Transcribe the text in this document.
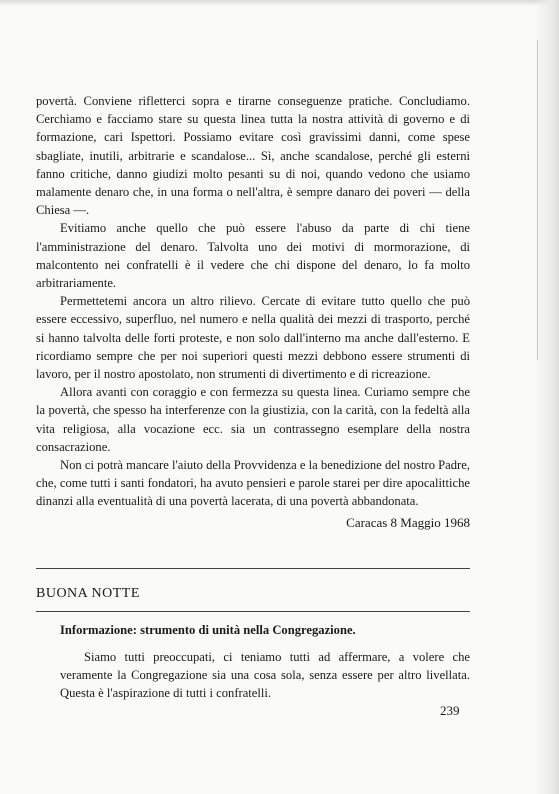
povertà. Conviene rifletterci sopra e tirarne conseguenze pratiche. Concludiamo. Cerchiamo e facciamo stare su questa linea tutta la nostra attività di governo e di formazione, cari Ispettori. Possiamo evitare così gravissimi danni, come spese sbagliate, inutili, arbitrarie e scandalose... Sì, anche scandalose, perché gli esterni fanno critiche, danno giudizi molto pesanti su di noi, quando vedono che usiamo malamente denaro che, in una forma o nell'altra, è sempre danaro dei poveri — della Chiesa —.

Evitiamo anche quello che può essere l'abuso da parte di chi tiene l'amministrazione del denaro. Talvolta uno dei motivi di mormorazione, di malcontento nei confratelli è il vedere che chi dispone del denaro, lo fa molto arbitrariamente.

Permettetemi ancora un altro rilievo. Cercate di evitare tutto quello che può essere eccessivo, superfluo, nel numero e nella qualità dei mezzi di trasporto, perché si hanno talvolta delle forti proteste, e non solo dall'interno ma anche dall'esterno. E ricordiamo sempre che per noi superiori questi mezzi debbono essere strumenti di lavoro, per il nostro apostolato, non strumenti di divertimento e di ricreazione.

Allora avanti con coraggio e con fermezza su questa linea. Curiamo sempre che la povertà, che spesso ha interferenze con la giustizia, con la carità, con la fedeltà alla vita religiosa, alla vocazione ecc. sia un contrassegno esemplare della nostra consacrazione.

Non ci potrà mancare l'aiuto della Provvidenza e la benedizione del nostro Padre, che, come tutti i santi fondatori, ha avuto pensieri e parole starei per dire apocalittiche dinanzi alla eventualità di una povertà lacerata, di una povertà abbandonata.

Caracas 8 Maggio 1968
BUONA NOTTE
Informazione: strumento di unità nella Congregazione.

Siamo tutti preoccupati, ci teniamo tutti ad affermare, a volere che veramente la Congregazione sia una cosa sola, senza essere per altro livellata. Questa è l'aspirazione di tutti i confratelli.

239
